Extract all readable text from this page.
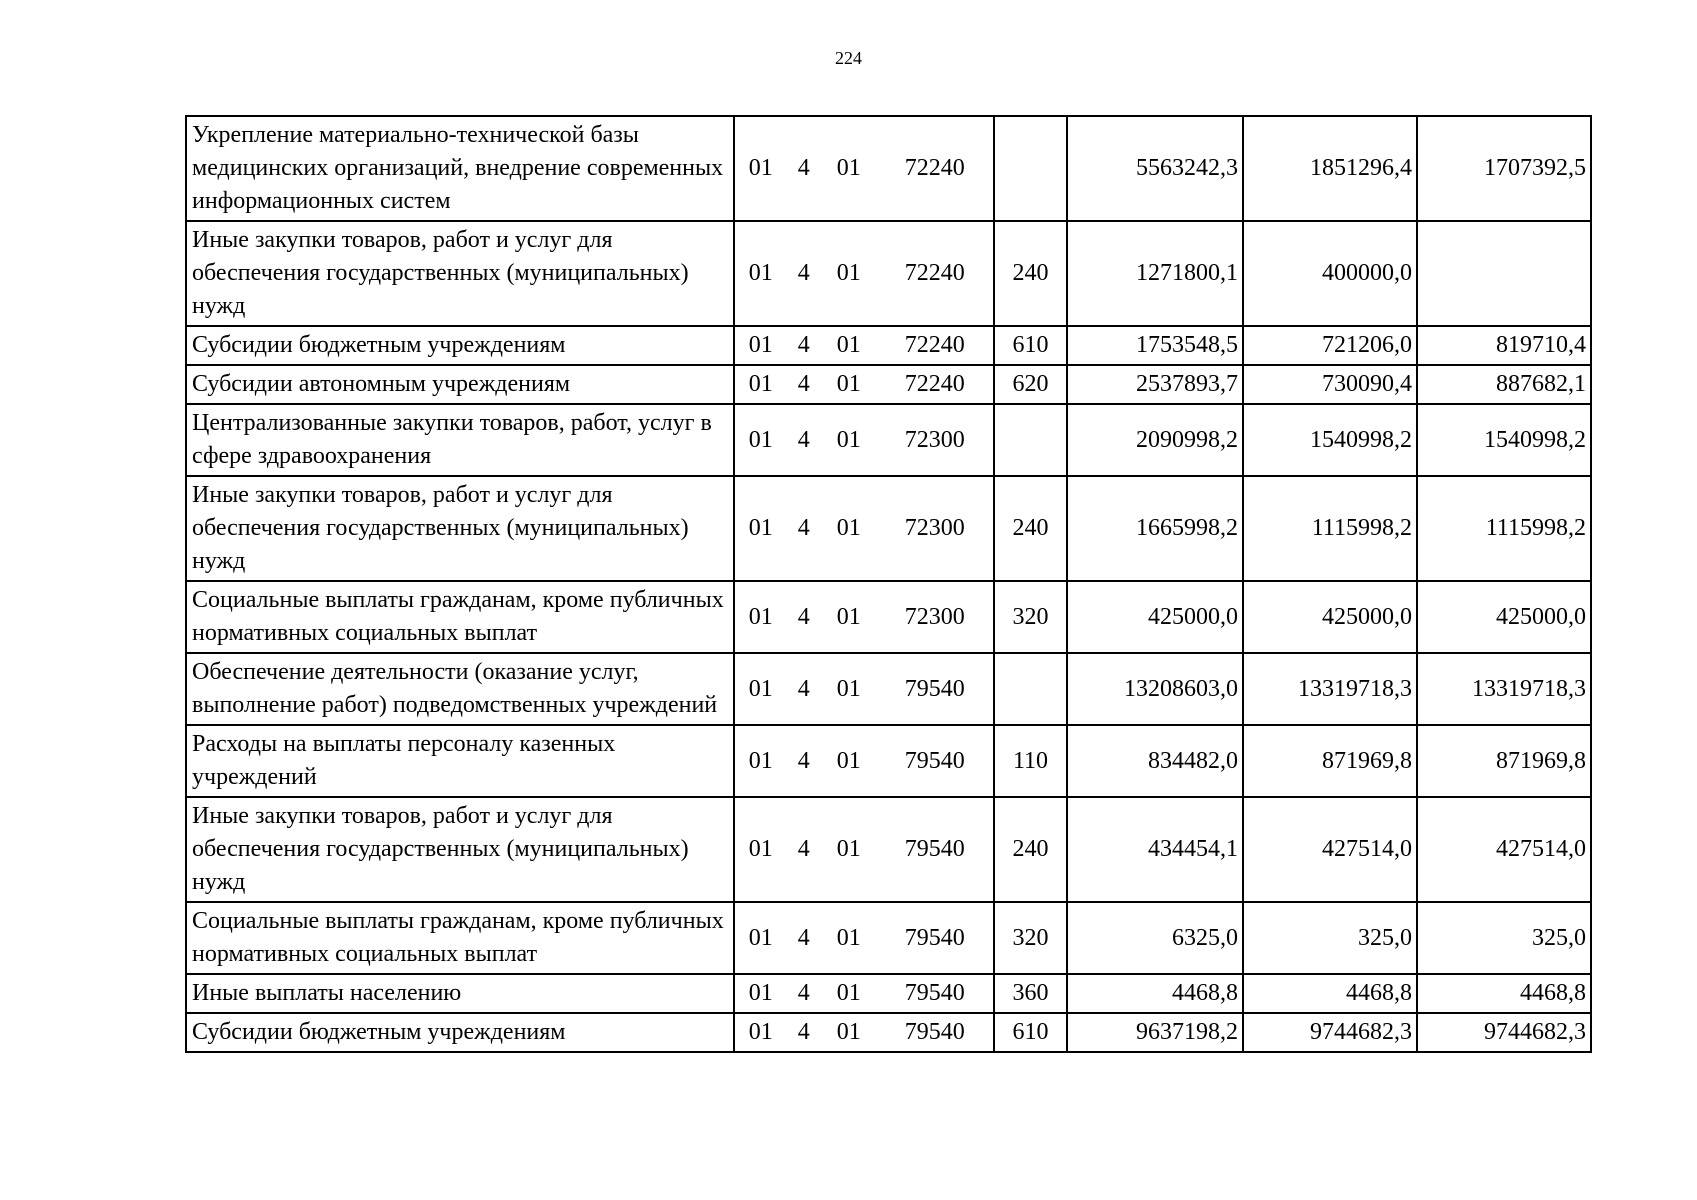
224
Укрепление материально-технической базы медицинских организаций, внедрение современных информационных систем	01 4 01 72240		5563242,3	1851296,4	1707392,5
Иные закупки товаров, работ и услуг для обеспечения государственных (муниципальных) нужд	01 4 01 72240	240	1271800,1	400000,0	
Субсидии бюджетным учреждениям	01 4 01 72240	610	1753548,5	721206,0	819710,4
Субсидии автономным учреждениям	01 4 01 72240	620	2537893,7	730090,4	887682,1
Централизованные закупки товаров, работ, услуг в сфере здравоохранения	01 4 01 72300		2090998,2	1540998,2	1540998,2
Иные закупки товаров, работ и услуг для обеспечения государственных (муниципальных) нужд	01 4 01 72300	240	1665998,2	1115998,2	1115998,2
Социальные выплаты гражданам, кроме публичных нормативных социальных выплат	01 4 01 72300	320	425000,0	425000,0	425000,0
Обеспечение деятельности (оказание услуг, выполнение работ) подведомственных учреждений	01 4 01 79540		13208603,0	13319718,3	13319718,3
Расходы на выплаты персоналу казенных учреждений	01 4 01 79540	110	834482,0	871969,8	871969,8
Иные закупки товаров, работ и услуг для обеспечения государственных (муниципальных) нужд	01 4 01 79540	240	434454,1	427514,0	427514,0
Социальные выплаты гражданам, кроме публичных нормативных социальных выплат	01 4 01 79540	320	6325,0	325,0	325,0
Иные выплаты населению	01 4 01 79540	360	4468,8	4468,8	4468,8
Субсидии бюджетным учреждениям	01 4 01 79540	610	9637198,2	9744682,3	9744682,3
